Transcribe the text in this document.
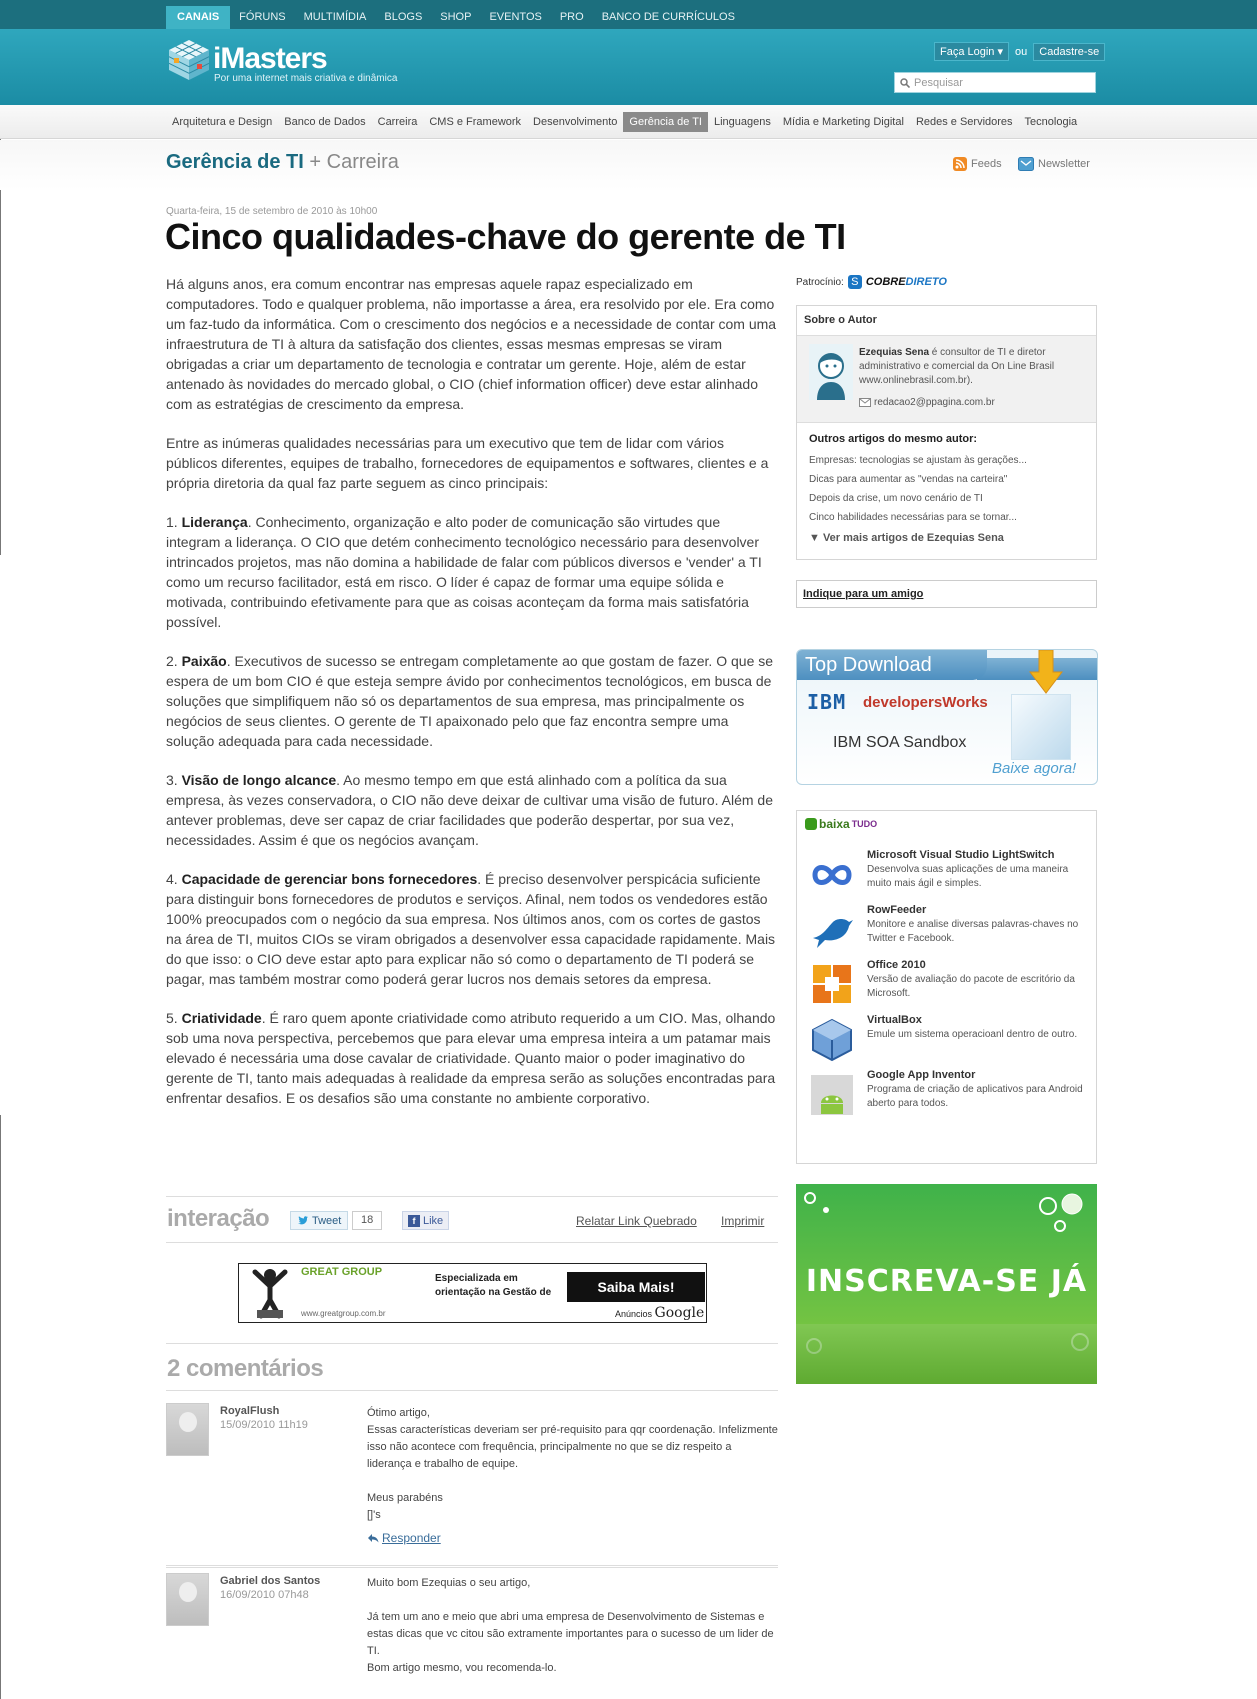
CANAIS	FÓRUNS	MULTIMÍDIA	BLOGS	SHOP	EVENTOS	PRO	BANCO DE CURRÍCULOS
iMasters
Por uma internet mais criativa e dinâmica
Faça Login ▾	ou	Cadastre-se
Pesquisar
Arquitetura e Design	Banco de Dados	Carreira	CMS e Framework	Desenvolvimento	Gerência de TI	Linguagens	Mídia e Marketing Digital	Redes e Servidores	Tecnologia
Gerência de TI + Carreira	Feeds	Newsletter
Quarta-feira, 15 de setembro de 2010 às 10h00
Cinco qualidades-chave do gerente de TI

Há alguns anos, era comum encontrar nas empresas aquele rapaz especializado em computadores. Todo e qualquer problema, não importasse a área, era resolvido por ele. Era como um faz-tudo da informática. Com o crescimento dos negócios e a necessidade de contar com uma infraestrutura de TI à altura da satisfação dos clientes, essas mesmas empresas se viram obrigadas a criar um departamento de tecnologia e contratar um gerente. Hoje, além de estar antenado às novidades do mercado global, o CIO (chief information officer) deve estar alinhado com as estratégias de crescimento da empresa.

Entre as inúmeras qualidades necessárias para um executivo que tem de lidar com vários públicos diferentes, equipes de trabalho, fornecedores de equipamentos e softwares, clientes e a própria diretoria da qual faz parte seguem as cinco principais:

1. Liderança. Conhecimento, organização e alto poder de comunicação são virtudes que integram a liderança. O CIO que detém conhecimento tecnológico necessário para desenvolver intrincados projetos, mas não domina a habilidade de falar com públicos diversos e 'vender' a TI como um recurso facilitador, está em risco. O líder é capaz de formar uma equipe sólida e motivada, contribuindo efetivamente para que as coisas aconteçam da forma mais satisfatória possível.

2. Paixão. Executivos de sucesso se entregam completamente ao que gostam de fazer. O que se espera de um bom CIO é que esteja sempre ávido por conhecimentos tecnológicos, em busca de soluções que simplifiquem não só os departamentos de sua empresa, mas principalmente os negócios de seus clientes. O gerente de TI apaixonado pelo que faz encontra sempre uma solução adequada para cada necessidade.

3. Visão de longo alcance. Ao mesmo tempo em que está alinhado com a política da sua empresa, às vezes conservadora, o CIO não deve deixar de cultivar uma visão de futuro. Além de antever problemas, deve ser capaz de criar facilidades que poderão despertar, por sua vez, necessidades. Assim é que os negócios avançam.

4. Capacidade de gerenciar bons fornecedores. É preciso desenvolver perspicácia suficiente para distinguir bons fornecedores de produtos e serviços. Afinal, nem todos os vendedores estão 100% preocupados com o negócio da sua empresa. Nos últimos anos, com os cortes de gastos na área de TI, muitos CIOs se viram obrigados a desenvolver essa capacidade rapidamente. Mais do que isso: o CIO deve estar apto para explicar não só como o departamento de TI poderá se pagar, mas também mostrar como poderá gerar lucros nos demais setores da empresa.

5. Criatividade. É raro quem aponte criatividade como atributo requerido a um CIO. Mas, olhando sob uma nova perspectiva, percebemos que para elevar uma empresa inteira a um patamar mais elevado é necessária uma dose cavalar de criatividade. Quanto maior o poder imaginativo do gerente de TI, tanto mais adequadas à realidade da empresa serão as soluções encontradas para enfrentar desafios. E os desafios são uma constante no ambiente corporativo.

interação	Tweet	18	f Like	Relatar Link Quebrado Imprimir
GREAT GROUP
Especializada em
orientação na Gestão de	Saiba Mais!
www.greatgroup.com.br	Anúncios Google
2 comentários
RoyalFlush
15/09/2010 11h19

Ótimo artigo,

Essas características deveriam ser pré-requisito para qqr coordenação. Infelizmente isso não acontece com frequência, principalmente no que se diz respeito a liderança e trabalho de equipe.

Meus parabéns

[]'s

Responder
Gabriel dos Santos
16/09/2010 07h48

Muito bom Ezequias o seu artigo,

Já tem um ano e meio que abri uma empresa de Desenvolvimento de Sistemas e estas dicas que vc citou são extramente importantes para o sucesso de um lider de TI.

Bom artigo mesmo, vou recomenda-lo.

Patrocínio: S COBREDIRETO
Sobre o Autor
Ezequias Sena é consultor de TI e diretor administrativo e comercial da On Line Brasil www.onlinebrasil.com.br).
redacao2@ppagina.com.br
Outros artigos do mesmo autor:
Empresas: tecnologias se ajustam às gerações...
Dicas para aumentar as "vendas na carteira"
Depois da crise, um novo cenário de TI
Cinco habilidades necessárias para se tornar...
▼ Ver mais artigos de Ezequias Sena
Indique para um amigo
Top Download
IBM developersWorks
IBM SOA Sandbox
Baixe agora!
baixa TUDO
Microsoft Visual Studio LightSwitch
Desenvolva suas aplicações de uma maneira muito mais ágil e simples.
RowFeeder
Monitore e analise diversas palavras-chaves no Twitter e Facebook.
Office 2010
Versão de avaliação do pacote de escritório da Microsoft.
VirtualBox
Emule um sistema operacioanl dentro de outro.
Google App Inventor
Programa de criação de aplicativos para Android aberto para todos.
INSCREVA-SE JÁ
